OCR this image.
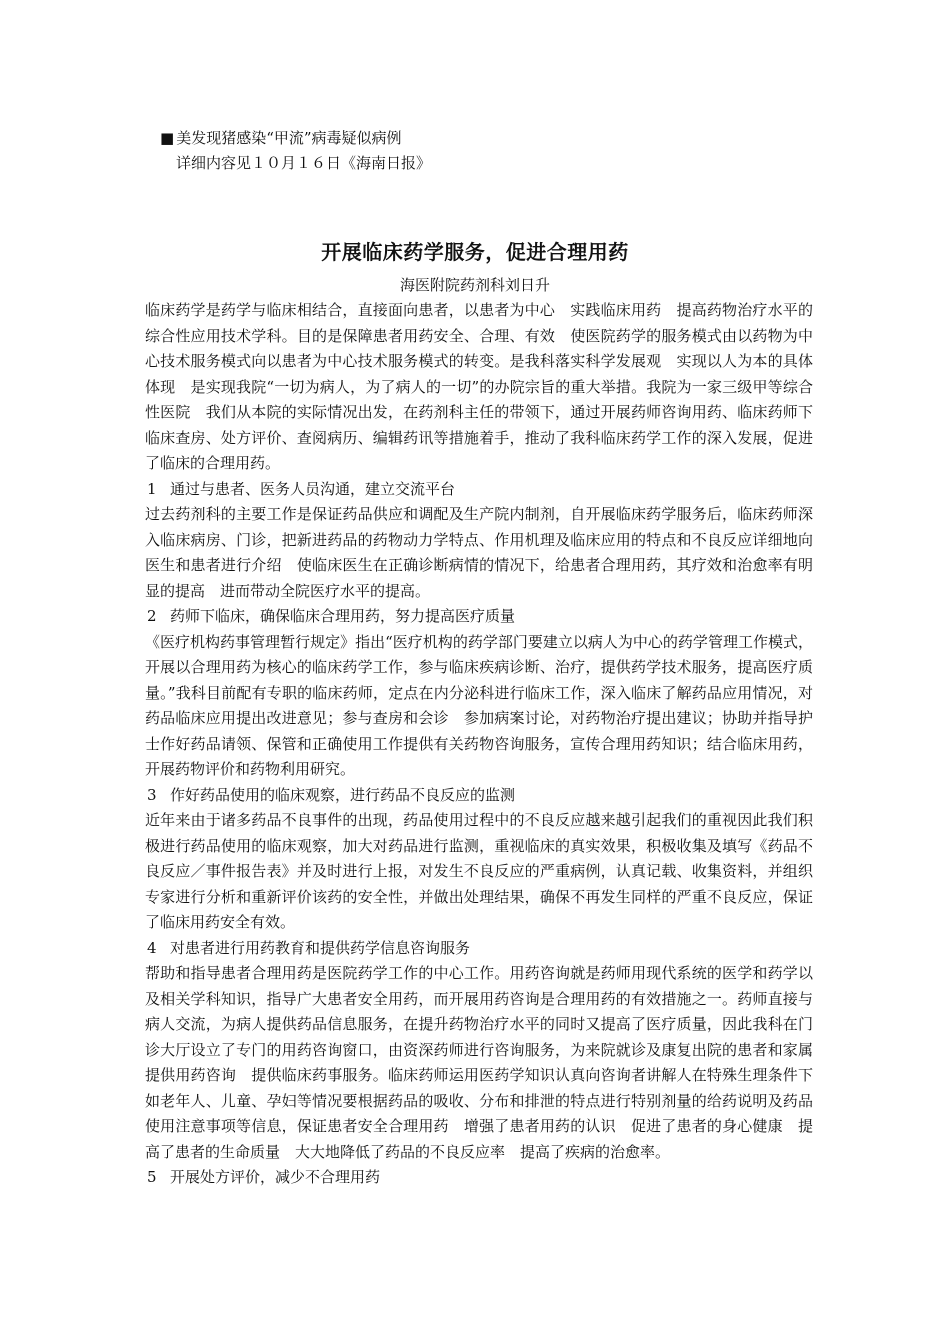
■ 美发现猪感染“甲流”病毒疑似病例
详细内容见１０月１６日《海南日报》
开展临床药学服务，促进合理用药
海医附院药剂科刘日升

临床药学是药学与临床相结合，直接面向患者，以患者为中心　实践临床用药　提高药物治疗水平的综合性应用技术学科。目的是保障患者用药安全、合理、有效　使医院药学的服务模式由以药物为中心技术服务模式向以患者为中心技术服务模式的转变。是我科落实科学发展观　实现以人为本的具体体现　是实现我院“一切为病人，为了病人的一切”的办院宗旨的重大举措。我院为一家三级甲等综合性医院　我们从本院的实际情况出发，在药剂科主任的带领下，通过开展药师咨询用药、临床药师下临床查房、处方评价、查阅病历、编辑药讯等措施着手，推动了我科临床药学工作的深入发展，促进了临床的合理用药。

1 通过与患者、医务人员沟通，建立交流平台

过去药剂科的主要工作是保证药品供应和调配及生产院内制剂，自开展临床药学服务后，临床药师深入临床病房、门诊，把新进药品的药物动力学特点、作用机理及临床应用的特点和不良反应详细地向医生和患者进行介绍　使临床医生在正确诊断病情的情况下，给患者合理用药，其疗效和治愈率有明显的提高　进而带动全院医疗水平的提高。

2 药师下临床，确保临床合理用药，努力提高医疗质量

《医疗机构药事管理暂行规定》指出“医疗机构的药学部门要建立以病人为中心的药学管理工作模式，开展以合理用药为核心的临床药学工作，参与临床疾病诊断、治疗，提供药学技术服务，提高医疗质量。”我科目前配有专职的临床药师，定点在内分泌科进行临床工作，深入临床了解药品应用情况，对药品临床应用提出改进意见；参与查房和会诊　参加病案讨论，对药物治疗提出建议；协助并指导护士作好药品请领、保管和正确使用工作提供有关药物咨询服务，宣传合理用药知识；结合临床用药，开展药物评价和药物利用研究。

3 作好药品使用的临床观察，进行药品不良反应的监测

近年来由于诸多药品不良事件的出现，药品使用过程中的不良反应越来越引起我们的重视因此我们积极进行药品使用的临床观察，加大对药品进行监测，重视临床的真实效果，积极收集及填写《药品不良反应／事件报告表》并及时进行上报，对发生不良反应的严重病例，认真记载、收集资料，并组织专家进行分析和重新评价该药的安全性，并做出处理结果，确保不再发生同样的严重不良反应，保证了临床用药安全有效。

4 对患者进行用药教育和提供药学信息咨询服务

帮助和指导患者合理用药是医院药学工作的中心工作。用药咨询就是药师用现代系统的医学和药学以及相关学科知识，指导广大患者安全用药，而开展用药咨询是合理用药的有效措施之一。药师直接与病人交流，为病人提供药品信息服务，在提升药物治疗水平的同时又提高了医疗质量，因此我科在门诊大厅设立了专门的用药咨询窗口，由资深药师进行咨询服务，为来院就诊及康复出院的患者和家属提供用药咨询　提供临床药事服务。临床药师运用医药学知识认真向咨询者讲解人在特殊生理条件下　如老年人、儿童、孕妇等情况要根据药品的吸收、分布和排泄的特点进行特别剂量的给药说明及药品使用注意事项等信息，保证患者安全合理用药　增强了患者用药的认识　促进了患者的身心健康　提高了患者的生命质量　大大地降低了药品的不良反应率　提高了疾病的治愈率。

5 开展处方评价，减少不合理用药
